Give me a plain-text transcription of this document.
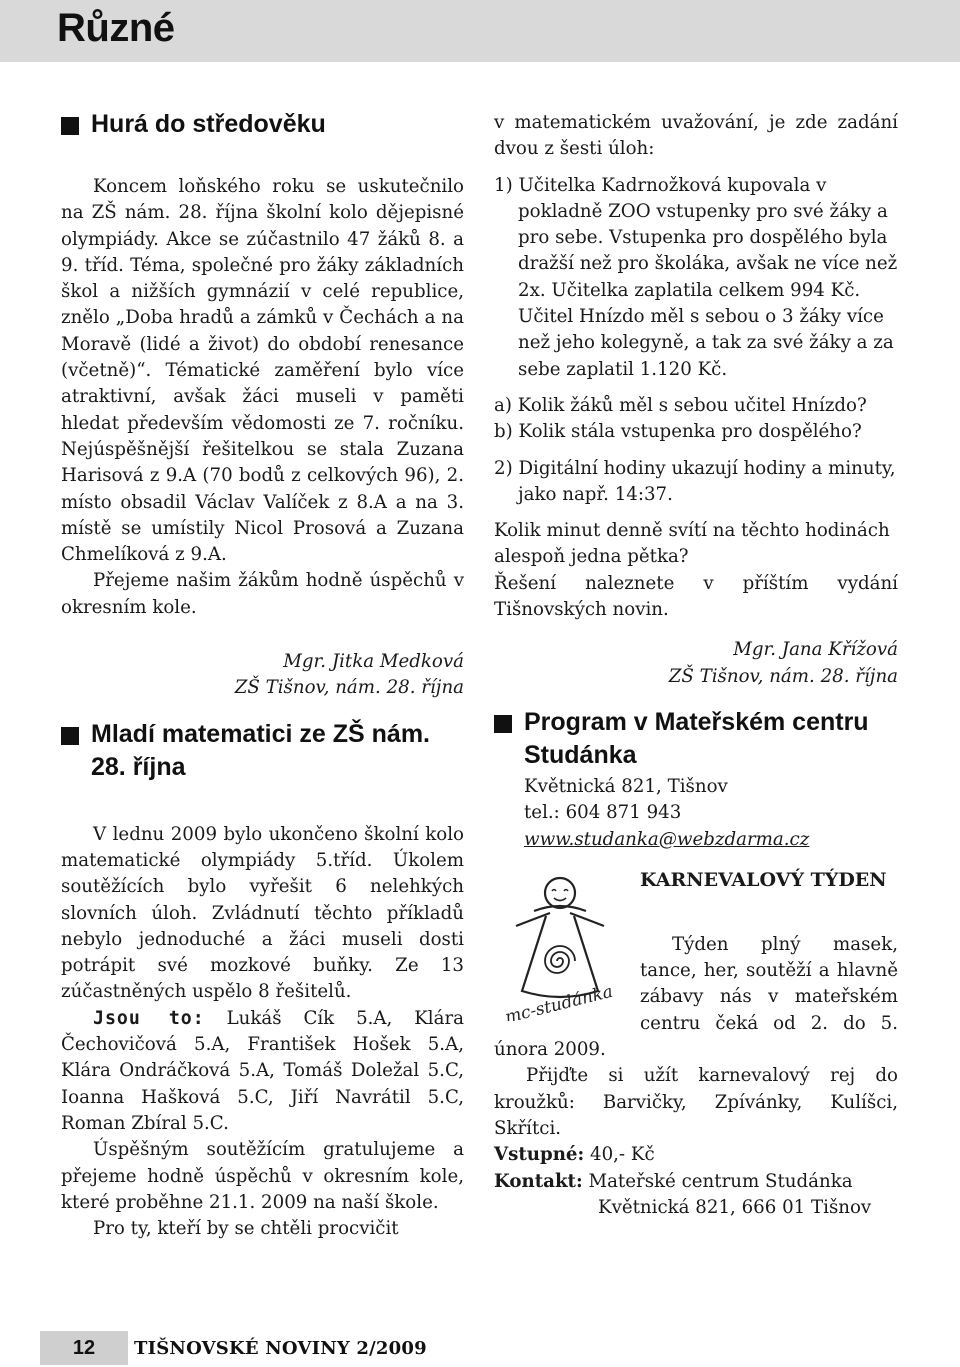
Různé
Hurá do středověku

Koncem loňského roku se uskutečnilo na ZŠ nám. 28. října školní kolo dějepisné olympiády. Akce se zúčastnilo 47 žáků 8. a 9. tříd. Téma, společné pro žáky základních škol a nižších gymnázií v celé republice, znělo „Doba hradů a zámků v Čechách a na Moravě (lidé a život) do období renesance (včetně)“. Tématické zaměření bylo více atraktivní, avšak žáci museli v paměti hledat především vědomosti ze 7. ročníku. Nejúspěšnější řešitelkou se stala Zuzana Harisová z 9.A (70 bodů z celkových 96), 2. místo obsadil Václav Valíček z 8.A a na 3. místě se umístily Nicol Prosová a Zuzana Chmelíková z 9.A.

Přejeme našim žákům hodně úspěchů v okresním kole.

Mgr. Jitka Medková

ZŠ Tišnov, nám. 28. října

Mladí matematici ze ZŠ nám. 28. října

V lednu 2009 bylo ukončeno školní kolo matematické olympiády 5.tříd. Úkolem soutěžících bylo vyřešit 6 nelehkých slovních úloh. Zvládnutí těchto příkladů nebylo jednoduché a žáci museli dosti potrápit své mozkové buňky. Ze 13 zúčastněných uspělo 8 řešitelů.

Jsou to: Lukáš Cík 5.A, Klára Čechovičová 5.A, František Hošek 5.A, Klára Ondráčková 5.A, Tomáš Doležal 5.C, Ioanna Hašková 5.C, Jiří Navrátil 5.C, Roman Zbíral 5.C.

Úspěšným soutěžícím gratulujeme a přejeme hodně úspěchů v okresním kole, které proběhne 21.1. 2009 na naší škole.

Pro ty, kteří by se chtěli procvičit

v matematickém uvažování, je zde zadání dvou z šesti úloh:

1) Učitelka Kadrnožková kupovala v pokladně ZOO vstupenky pro své žáky a pro sebe. Vstupenka pro dospělého byla dražší než pro školáka, avšak ne více než 2x. Učitelka zaplatila celkem 994 Kč. Učitel Hnízdo měl s sebou o 3 žáky více než jeho kolegyně, a tak za své žáky a za sebe zaplatil 1.120 Kč.

a) Kolik žáků měl s sebou učitel Hnízdo?

b) Kolik stála vstupenka pro dospělého?

2) Digitální hodiny ukazují hodiny a minuty, jako např. 14:37.

Kolik minut denně svítí na těchto hodinách alespoň jedna pětka?

Řešení naleznete v příštím vydání Tišnovských novin.

Mgr. Jana Křížová

ZŠ Tišnov, nám. 28. října

Program v Mateřském centru Studánka

Květnická 821, Tišnov

tel.: 604 871 943

www.studanka@webzdarma.cz

mc-studánka

KARNEVALOVÝ TÝDEN

Týden plný masek, tance, her, soutěží a hlavně zábavy nás v mateřském centru čeká od 2. do 5. února 2009.

Přijďte si užít karnevalový rej do kroužků: Barvičky, Zpívánky, Kulíšci, Skřítci.

Vstupné: 40,- Kč

Kontakt: Mateřské centrum Studánka

Květnická 821, 666 01 Tišnov

12	TIŠNOVSKÉ NOVINY 2/2009
